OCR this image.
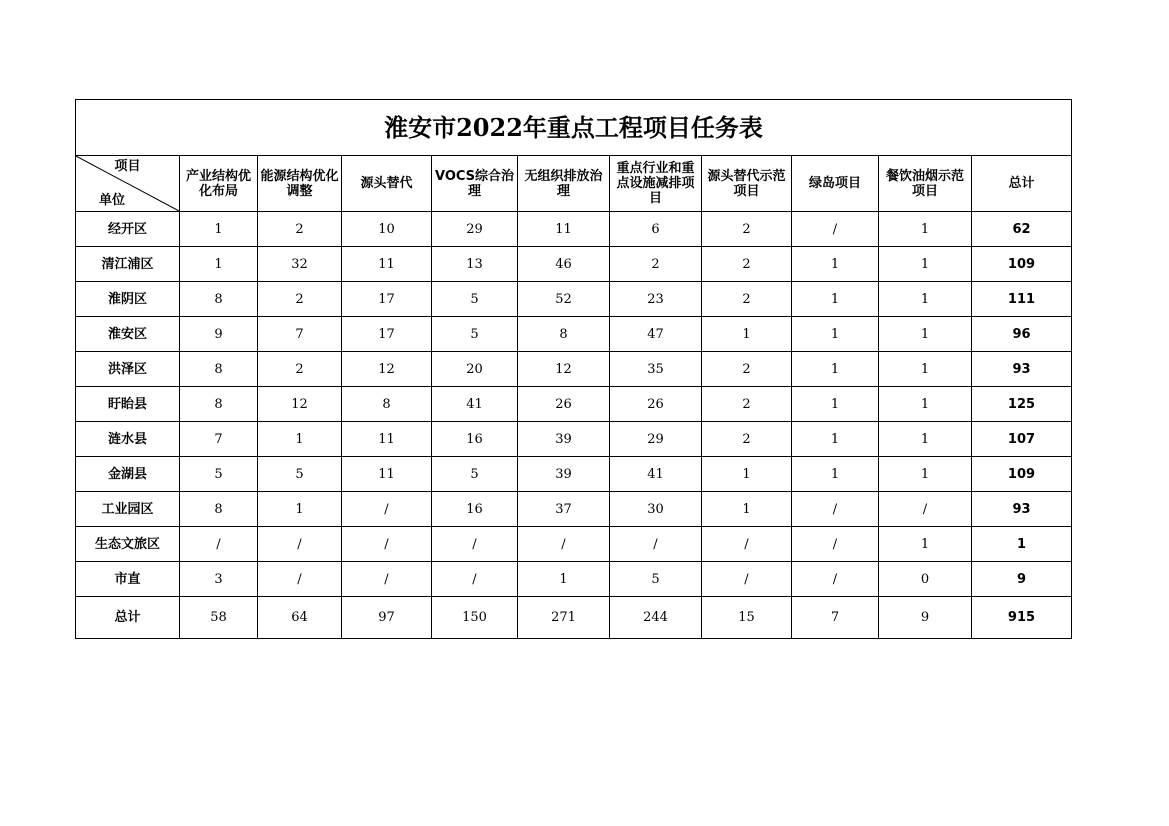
淮安市2022年重点工程项目任务表										

项目
单位	产业结构优化布局	能源结构优化调整	源头替代	VOCS综合治理	无组织排放治理	重点行业和重点设施减排项目	源头替代示范项目	绿岛项目	餐饮油烟示范项目	总计
经开区	1	2	10	29	11	6	2	/	1	62
清江浦区	1	32	11	13	46	2	2	1	1	109
淮阴区	8	2	17	5	52	23	2	1	1	111
淮安区	9	7	17	5	8	47	1	1	1	96
洪泽区	8	2	12	20	12	35	2	1	1	93
盱眙县	8	12	8	41	26	26	2	1	1	125
涟水县	7	1	11	16	39	29	2	1	1	107
金湖县	5	5	11	5	39	41	1	1	1	109
工业园区	8	1	/	16	37	30	1	/	/	93
生态文旅区	/	/	/	/	/	/	/	/	1	1
市直	3	/	/	/	1	5	/	/	0	9
总计	58	64	97	150	271	244	15	7	9	915
